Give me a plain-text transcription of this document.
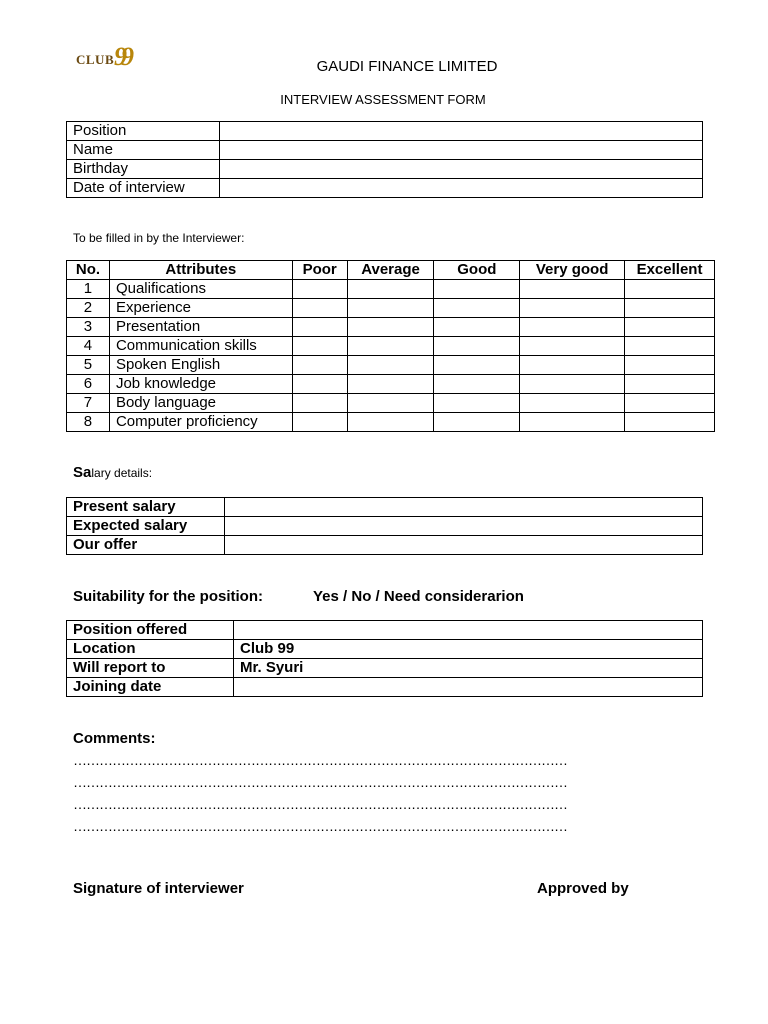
CLUB 99	GAUDI FINANCE LIMITED
INTERVIEW ASSESSMENT FORM
Position	
Name	
Birthday	
Date of interview	
To be filled in by the Interviewer:
No.	Attributes	Poor	Average	Good	Very good	Excellent
1	Qualifications					
2	Experience					
3	Presentation					
4	Communication skills					
5	Spoken English					
6	Job knowledge					
7	Body language					
8	Computer proficiency					
Salary details:
Present salary	
Expected salary	
Our offer	
Suitability for the position:	Yes / No / Need considerarion
Position offered	
Location	Club 99
Will report to	Mr. Syuri
Joining date	
Comments:
……………………………………………………………………………………………………
……………………………………………………………………………………………………
……………………………………………………………………………………………………
……………………………………………………………………………………………………
Signature of interviewer	Approved by
